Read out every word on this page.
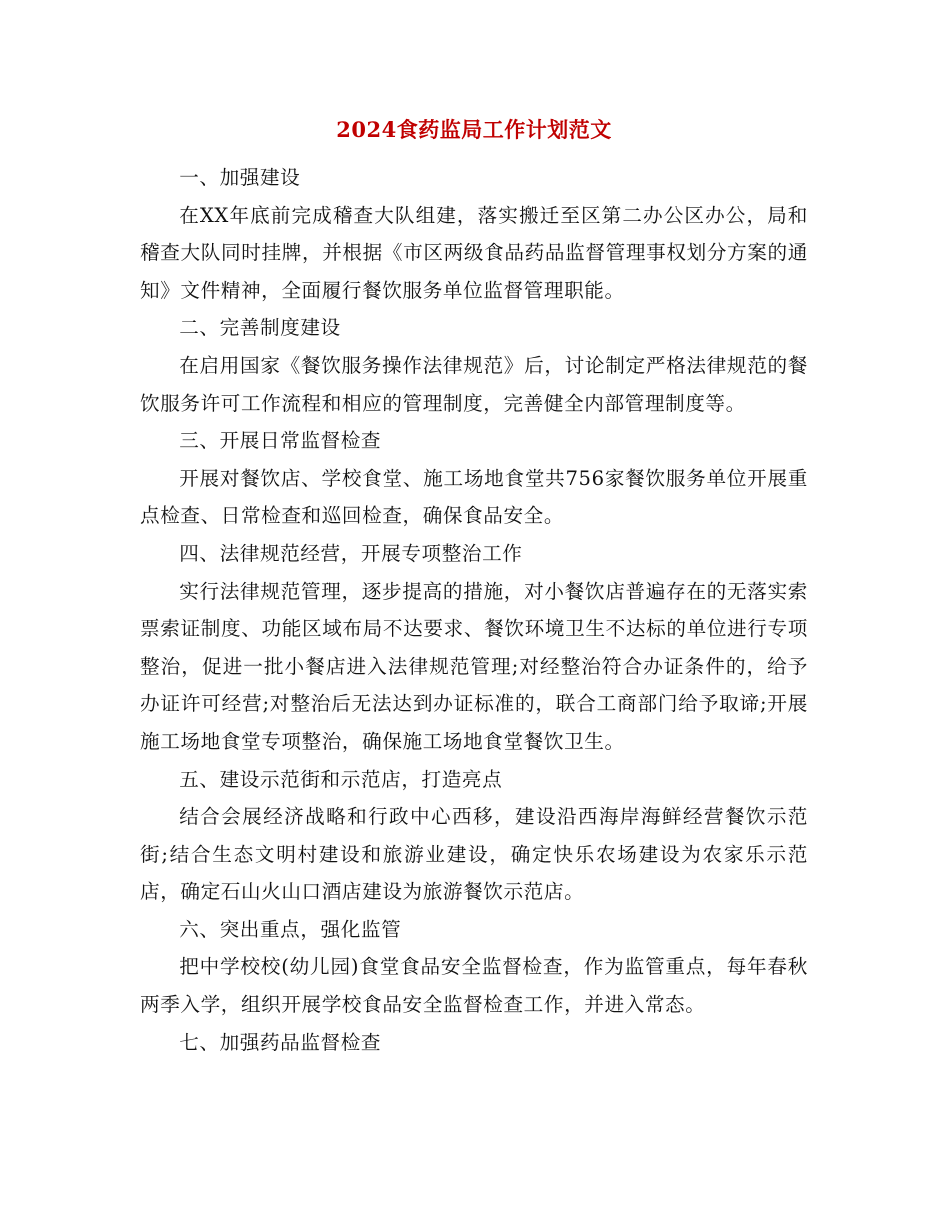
2024食药监局工作计划范文

一、加强建设

在XX年底前完成稽查大队组建，落实搬迁至区第二办公区办公，局和稽查大队同时挂牌，并根据《市区两级食品药品监督管理事权划分方案的通知》文件精神，全面履行餐饮服务单位监督管理职能。

二、完善制度建设

在启用国家《餐饮服务操作法律规范》后，讨论制定严格法律规范的餐饮服务许可工作流程和相应的管理制度，完善健全内部管理制度等。

三、开展日常监督检查

开展对餐饮店、学校食堂、施工场地食堂共756家餐饮服务单位开展重点检查、日常检查和巡回检查，确保食品安全。

四、法律规范经营，开展专项整治工作

实行法律规范管理，逐步提高的措施，对小餐饮店普遍存在的无落实索票索证制度、功能区域布局不达要求、餐饮环境卫生不达标的单位进行专项整治，促进一批小餐店进入法律规范管理;对经整治符合办证条件的，给予办证许可经营;对整治后无法达到办证标准的，联合工商部门给予取谛;开展施工场地食堂专项整治，确保施工场地食堂餐饮卫生。

五、建设示范街和示范店，打造亮点

结合会展经济战略和行政中心西移，建设沿西海岸海鲜经营餐饮示范街;结合生态文明村建设和旅游业建设，确定快乐农场建设为农家乐示范店，确定石山火山口酒店建设为旅游餐饮示范店。

六、突出重点，强化监管

把中学校校(幼儿园)食堂食品安全监督检查，作为监管重点，每年春秋两季入学，组织开展学校食品安全监督检查工作，并进入常态。

七、加强药品监督检查
